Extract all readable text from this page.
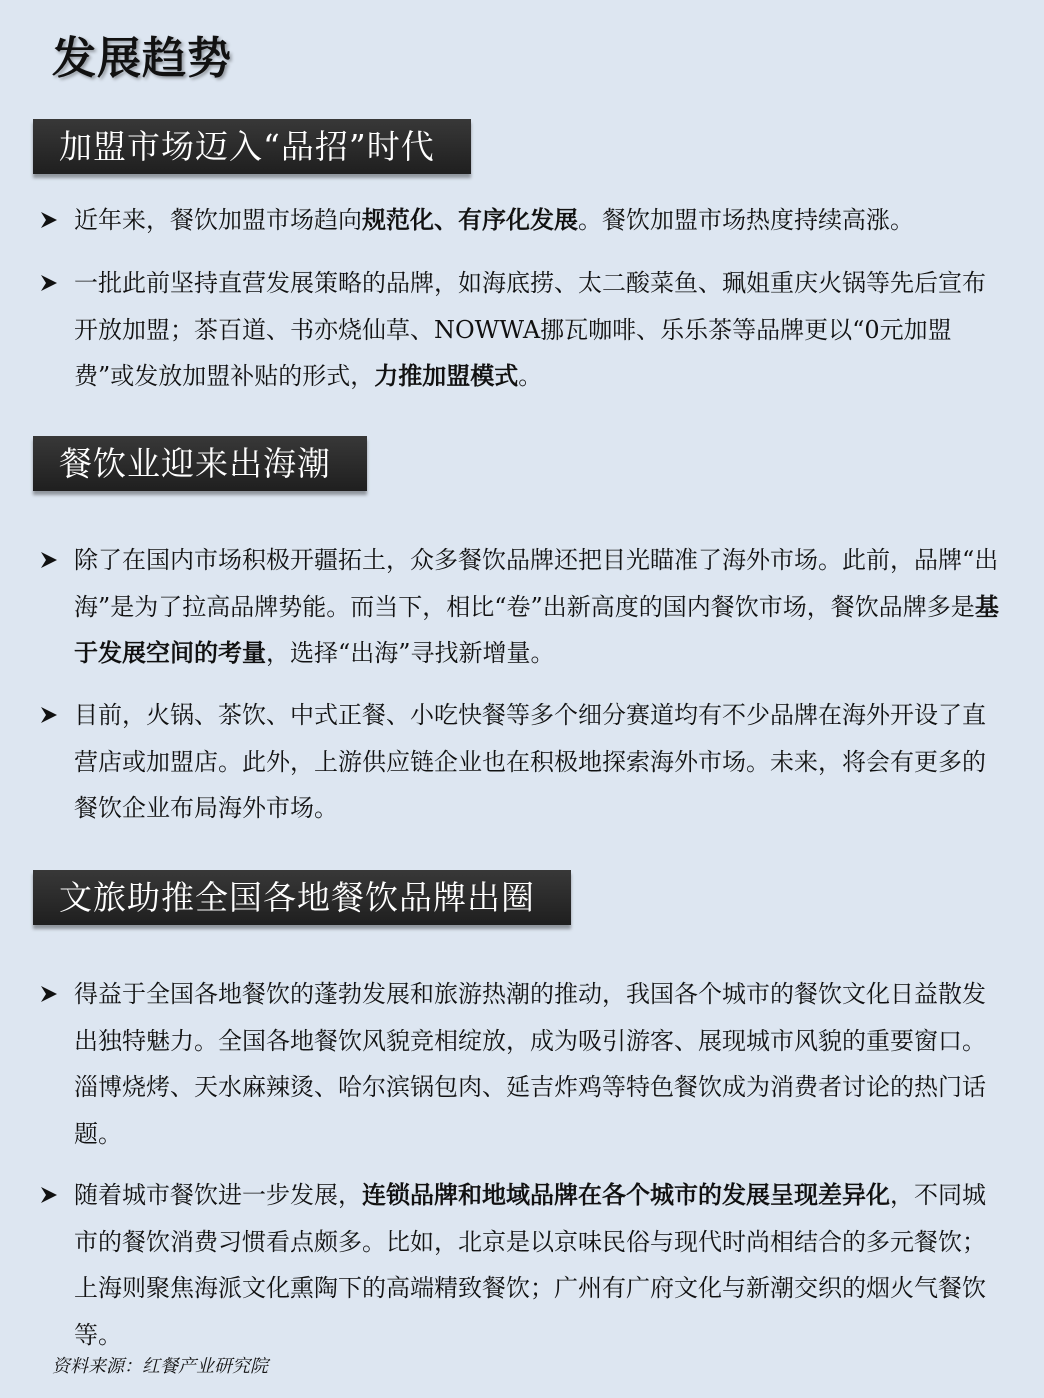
发展趋势
加盟市场迈入“品招”时代
近年来，餐饮加盟市场趋向规范化、有序化发展。餐饮加盟市场热度持续高涨。
一批此前坚持直营发展策略的品牌，如海底捞、太二酸菜鱼、珮姐重庆火锅等先后宣布开放加盟；茶百道、书亦烧仙草、NOWWA挪瓦咖啡、乐乐茶等品牌更以“0元加盟费”或发放加盟补贴的形式，力推加盟模式。
餐饮业迎来出海潮
除了在国内市场积极开疆拓土，众多餐饮品牌还把目光瞄准了海外市场。此前，品牌“出海”是为了拉高品牌势能。而当下，相比“卷”出新高度的国内餐饮市场，餐饮品牌多是基于发展空间的考量，选择“出海”寻找新增量。
目前，火锅、茶饮、中式正餐、小吃快餐等多个细分赛道均有不少品牌在海外开设了直营店或加盟店。此外，上游供应链企业也在积极地探索海外市场。未来，将会有更多的餐饮企业布局海外市场。
文旅助推全国各地餐饮品牌出圈
得益于全国各地餐饮的蓬勃发展和旅游热潮的推动，我国各个城市的餐饮文化日益散发出独特魅力。全国各地餐饮风貌竞相绽放，成为吸引游客、展现城市风貌的重要窗口。淄博烧烤、天水麻辣烫、哈尔滨锅包肉、延吉炸鸡等特色餐饮成为消费者讨论的热门话题。
随着城市餐饮进一步发展，连锁品牌和地域品牌在各个城市的发展呈现差异化，不同城市的餐饮消费习惯看点颇多。比如，北京是以京味民俗与现代时尚相结合的多元餐饮；上海则聚焦海派文化熏陶下的高端精致餐饮；广州有广府文化与新潮交织的烟火气餐饮等。
资料来源：红餐产业研究院
